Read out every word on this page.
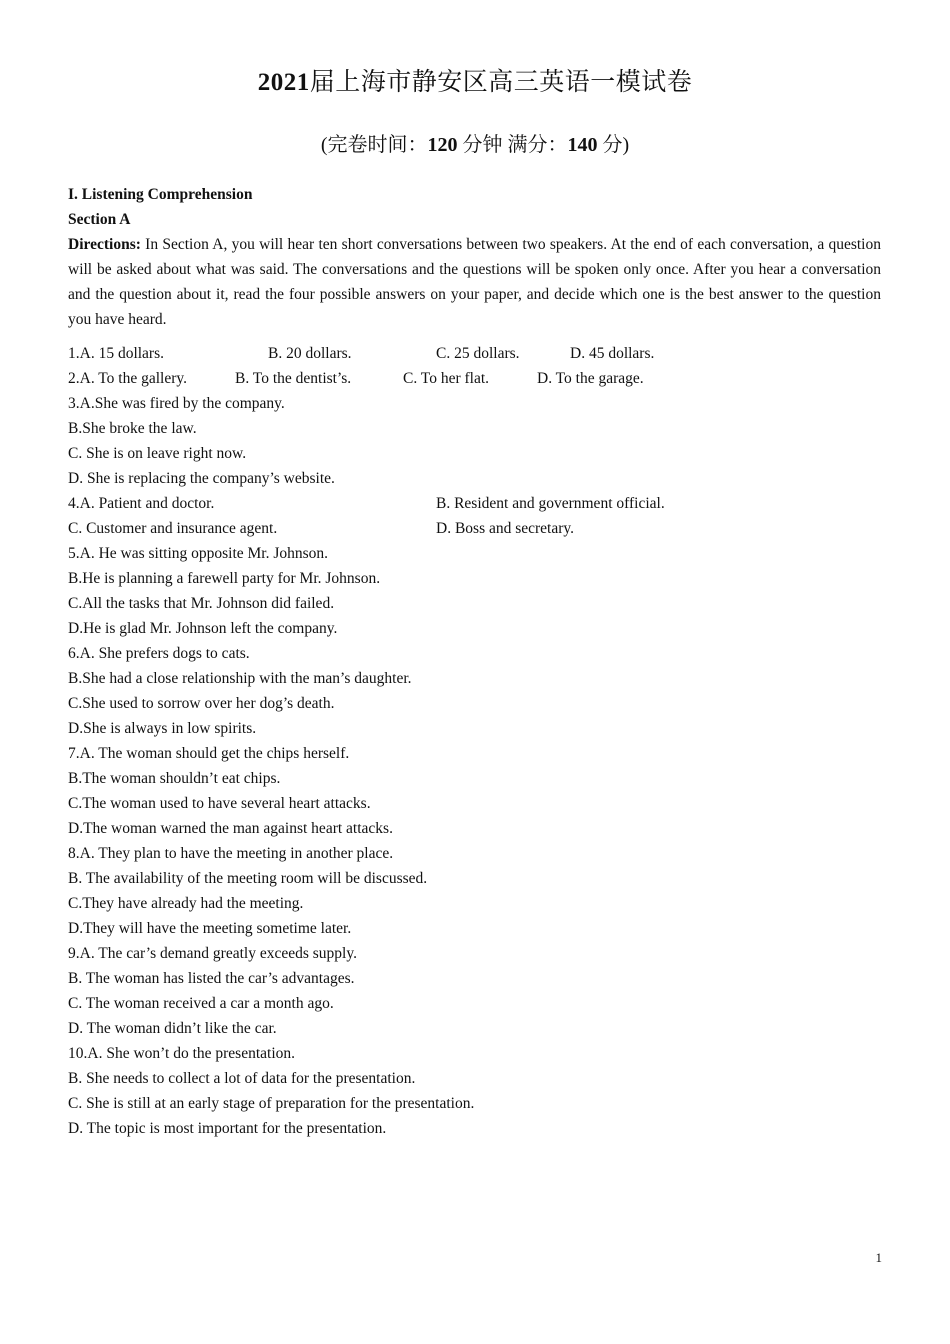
2021届上海市静安区高三英语一模试卷
(完卷时间：120 分钟 满分：140 分)
I. Listening Comprehension
Section A
Directions: In Section A, you will hear ten short conversations between two speakers. At the end of each conversation, a question will be asked about what was said. The conversations and the questions will be spoken only once. After you hear a conversation and the question about it, read the four possible answers on your paper, and decide which one is the best answer to the question you have heard.
1.A. 15 dollars.	B. 20 dollars.	C. 25 dollars.	D. 45 dollars.
2.A. To the gallery.	B. To the dentist’s.	C. To her flat.	D. To the garage.
3.A.She was fired by the company.
B.She broke the law.
C. She is on leave right now.
D. She is replacing the company’s website.
4.A. Patient and doctor.	B. Resident and government official.
C. Customer and insurance agent.	D. Boss and secretary.
5.A. He was sitting opposite Mr. Johnson.
B.He is planning a farewell party for Mr. Johnson.
C.All the tasks that Mr. Johnson did failed.
D.He is glad Mr. Johnson left the company.
6.A. She prefers dogs to cats.
B.She had a close relationship with the man’s daughter.
C.She used to sorrow over her dog’s death.
D.She is always in low spirits.
7.A. The woman should get the chips herself.
B.The woman shouldn’t eat chips.
C.The woman used to have several heart attacks.
D.The woman warned the man against heart attacks.
8.A. They plan to have the meeting in another place.
B. The availability of the meeting room will be discussed.
C.They have already had the meeting.
D.They will have the meeting sometime later.
9.A. The car’s demand greatly exceeds supply.
B. The woman has listed the car’s advantages.
C. The woman received a car a month ago.
D. The woman didn’t like the car.
10.A. She won’t do the presentation.
B. She needs to collect a lot of data for the presentation.
C. She is still at an early stage of preparation for the presentation.
D. The topic is most important for the presentation.
1
